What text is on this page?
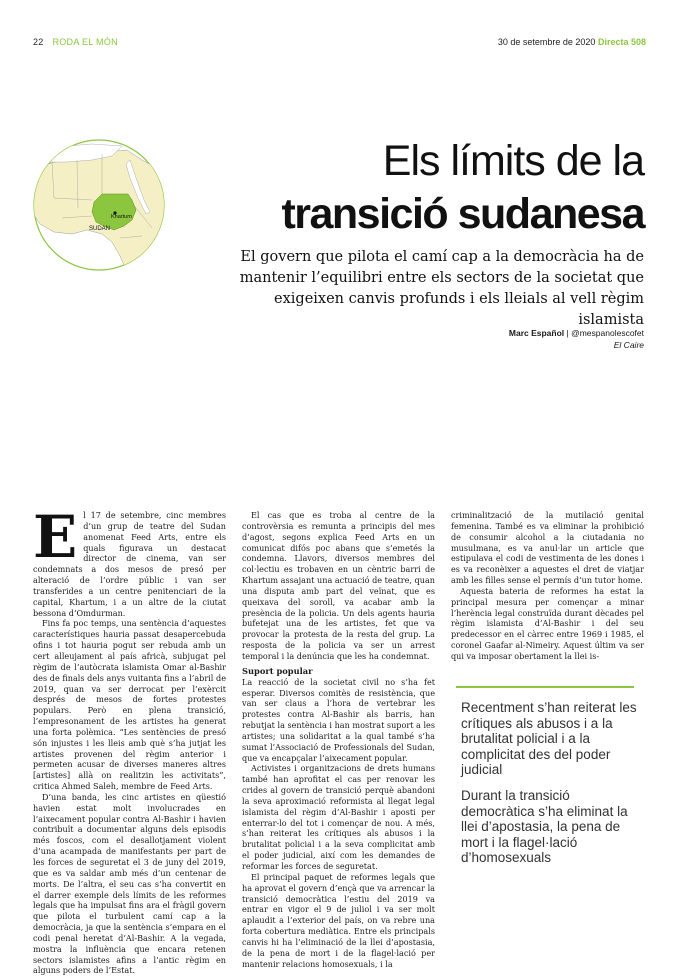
22 RODA EL MÓN	30 de setembre de 2020 Directa 508
Khartum
SUDAN
Els límits de la
transició sudanesa
El govern que pilota el camí cap a la democràcia ha de mantenir l’equilibri entre els sectors de la societat que exigeixen canvis profunds i els lleials al vell règim islamista
Marc Español | @mespanolescofet
El Caire
E l 17 de setembre, cinc membres d’un grup de teatre del Sudan anomenat Feed Arts, entre els quals figurava un destacat director de cinema, van ser condemnats a dos mesos de presó per alteració de l’ordre públic i van ser transferides a un centre penitenciari de la capital, Khartum, i a un altre de la ciutat bessona d’Omdurman.

Fins fa poc temps, una sentència d’aquestes característiques hauria passat desapercebuda ofins i tot hauria pogut ser rebuda amb un cert alleujament al país africà, subjugat pel règim de l’autòcrata islamista Omar al-Bashir des de finals dels anys vuitanta fins a l’abril de 2019, quan va ser derrocat per l’exèrcit després de mesos de fortes protestes populars. Però en plena transició, l’empresonament de les artistes ha generat una forta polèmica. “Les sentències de presó són injustes i les lleis amb què s’ha jutjat les artistes provenen del règim anterior i permeten acusar de diverses maneres altres [artistes] allà on realitzin les activitats”, critica Ahmed Saleh, membre de Feed Arts.

D’una banda, les cinc artistes en qüestió havien estat molt involucrades en l’aixecament popular contra Al-Bashir i havien contribuït a documentar alguns dels episodis més foscos, com el desallotjament violent d’una acampada de manifestants per part de les forces de seguretat el 3 de juny del 2019, que es va saldar amb més d’un centenar de morts. De l’altra, el seu cas s’ha convertit en el darrer exemple dels límits de les reformes legals que ha impulsat fins ara el fràgil govern que pilota el turbulent camí cap a la democràcia, ja que la sentència s’empara en el codi penal heretat d’Al-Bashir. A la vegada, mostra la influència que encara retenen sectors islamistes afins a l’antic règim en alguns poders de l’Estat.

El cas que es troba al centre de la controvèrsia es remunta a principis del mes d’agost, segons explica Feed Arts en un comunicat difós poc abans que s’emetés la condemna. Llavors, diversos membres del col·lectiu es trobaven en un cèntric barri de Khartum assajant una actuació de teatre, quan una disputa amb part del veïnat, que es queixava del soroll, va acabar amb la presència de la policia. Un dels agents hauria bufetejat una de les artistes, fet que va provocar la protesta de la resta del grup. La resposta de la policia va ser un arrest temporal i la denúncia que les ha condemnat.

Suport popular

La reacció de la societat civil no s’ha fet esperar. Diversos comitès de resistència, que van ser claus a l’hora de vertebrar les protestes contra Al-Bashir als barris, han rebutjat la sentència i han mostrat suport a les artistes; una solidaritat a la qual també s’ha sumat l’Associació de Professionals del Sudan, que va encapçalar l’aixecament popular.

Activistes i organitzacions de drets humans també han aprofitat el cas per renovar les crides al govern de transició perquè abandoni la seva aproximació reformista al llegat legal islamista del règim d’Al-Bashir i aposti per enterrar-lo del tot i començar de nou. A més, s’han reiterat les crítiques als abusos i la brutalitat policial i a la seva complicitat amb el poder judicial, així com les demandes de reformar les forces de seguretat.

El principal paquet de reformes legals que ha aprovat el govern d’ençà que va arrencar la transició democràtica l’estiu del 2019 va entrar en vigor el 9 de juliol i va ser molt aplaudit a l’exterior del país, on va rebre una forta cobertura mediàtica. Entre els principals canvis hi ha l’eliminació de la llei d’apostasia, de la pena de mort i de la flagel·lació per mantenir relacions homosexuals, i la

criminalització de la mutilació genital femenina. També es va eliminar la prohibició de consumir alcohol a la ciutadania no musulmana, es va anul·lar un article que estipulava el codi de vestimenta de les dones i es va reconèixer a aquestes el dret de viatjar amb les filles sense el permís d’un tutor home.

Aquesta bateria de reformes ha estat la principal mesura per començar a minar l’herència legal construïda durant dècades pel règim islamista d’Al-Bashir i del seu predecessor en el càrrec entre 1969 i 1985, el coronel Gaafar al-Nimeiry. Aquest últim va ser qui va imposar obertament la llei is-

Recentment s’han reiterat les crítiques als abusos i a la brutalitat policial i a la complicitat des del poder judicial

Durant la transició democràtica s’ha eliminat la llei d’apostasia, la pena de mort i la flagel·lació d’homosexuals
